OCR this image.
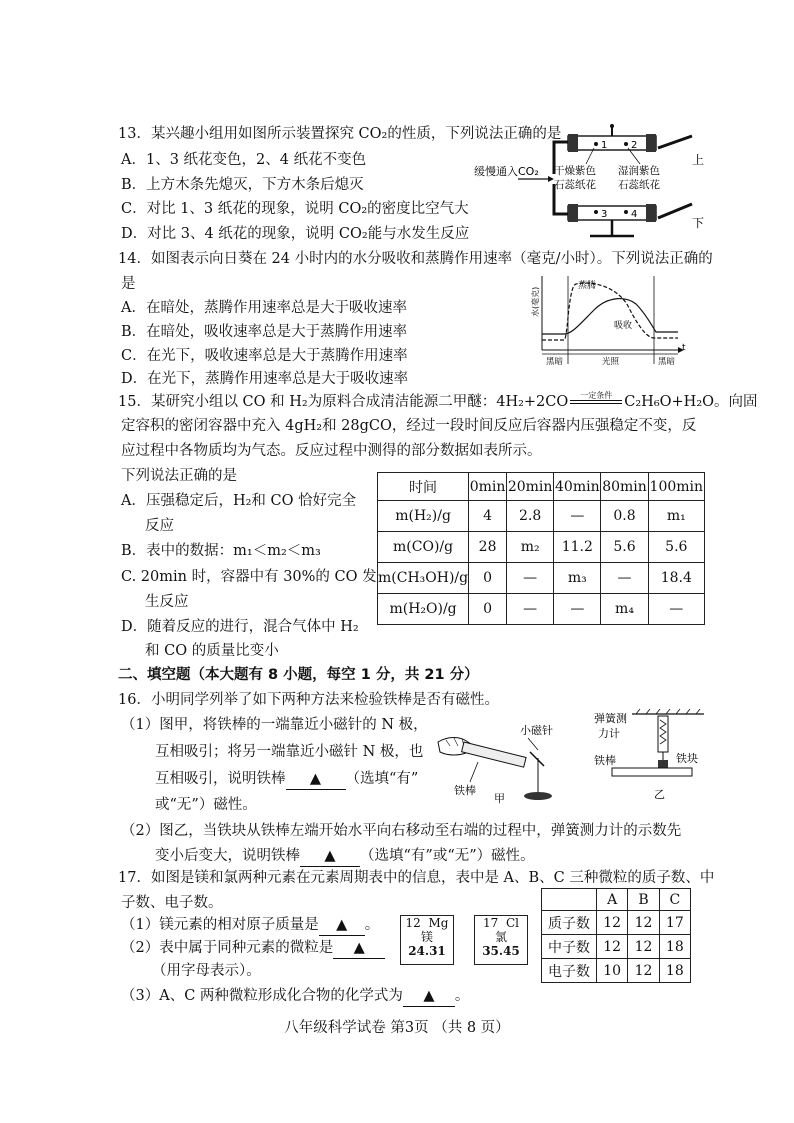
13．某兴趣小组用如图所示装置探究 CO₂的性质，下列说法正确的是
A．1、3 纸花变色，2、4 纸花不变色
B．上方木条先熄灭，下方木条后熄灭
C．对比 1、3 纸花的现象，说明 CO₂的密度比空气大
D．对比 3、4 纸花的现象，说明 CO₂能与水发生反应
缓慢通入CO₂
1 2
3 4
干燥紫色
石蕊纸花
湿润紫色
石蕊纸花
上
下
14．如图表示向日葵在 24 小时内的水分吸收和蒸腾作用速率（毫克/小时）。下列说法正确的
是
A．在暗处，蒸腾作用速率总是大于吸收速率
B．在暗处，吸收速率总是大于蒸腾作用速率
C．在光下，吸收速率总是大于蒸腾作用速率
D．在光下，蒸腾作用速率总是大于吸收速率
水(毫克)
t
黑暗	光照	黑暗
蒸腾
吸收
15．某研究小组以 CO 和 H₂为原料合成清洁能源二甲醚：4H₂+2CO	一定条件 C₂H₆O+H₂O。向固
定容积的密闭容器中充入 4gH₂和 28gCO，经过一段时间反应后容器内压强稳定不变，反
应过程中各物质均为气态。反应过程中测得的部分数据如表所示。
下列说法正确的是
A．压强稳定后，H₂和 CO 恰好完全
反应
B．表中的数据：m₁＜m₂＜m₃
C. 20min 时，容器中有 30%的 CO 发
生反应
D．随着反应的进行，混合气体中 H₂
和 CO 的质量比变小
时间	0min	20min	40min	80min	100min
m(H₂)/g	4	2.8	—	0.8	m₁
m(CO)/g	28	m₂	11.2	5.6	5.6
m(CH₃OH)/g	0	—	m₃	—	18.4
m(H₂O)/g	0	—	—	m₄	—
二、填空题（本大题有 8 小题，每空 1 分，共 21 分）
16．小明同学列举了如下两种方法来检验铁棒是否有磁性。
（1）图甲，将铁棒的一端靠近小磁针的 N 极，
互相吸引；将另一端靠近小磁针 N 极，也
互相吸引，说明铁棒 ▲ （选填“有”
或“无”）磁性。
（2）图乙，当铁块从铁棒左端开始水平向右移动至右端的过程中，弹簧测力计的示数先
变小后变大，说明铁棒 ▲ （选填“有”或“无”）磁性。
小磁针
铁棒
甲
弹簧测
力计
铁棒	铁块
乙
17．如图是镁和氯两种元素在元素周期表中的信息，表中是 A、B、C 三种微粒的质子数、中
子数、电子数。
（1）镁元素的相对原子质量是 ▲ 。
（2）表中属于同种元素的微粒是 ▲
（用字母表示）。
（3）A、C 两种微粒形成化合物的化学式为 ▲ 。
12 Mg
镁
24.31
17 Cl
氯
35.45
	A	B	C
质子数	12	12	17
中子数	12	12	18
电子数	10	12	18
八年级科学试卷 第3页 （共 8 页）
